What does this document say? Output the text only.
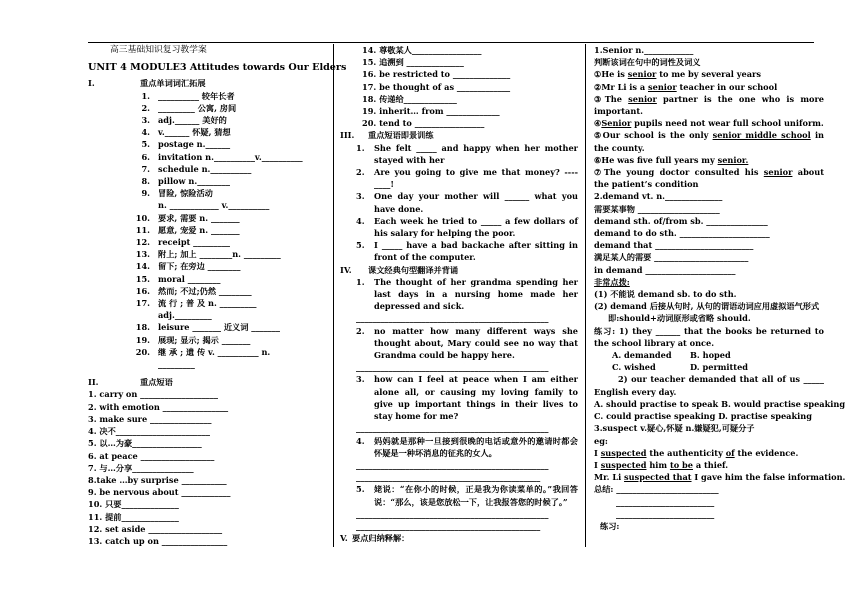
高三基础知识复习教学案
UNIT 4 MODULE3 Attitudes towards Our Elders
I.	重点单词词汇拓展
1. __________ 较年长者
2. _________ 公寓, 房间
3. adj.______ 美好的
4. v.______ 怀疑, 猜想
5. postage n.______
6. invitation n.__________v.__________
7. schedule n.__________
8. pillow n.________
9. 冒险, 惊险活动
n. ____________ v.__________
10. 要求, 需要 n. _______
11. 愿意, 宠爱 n. _______
12. receipt _________
13. 附上; 加上 ________n. _________
14. 留下; 在旁边 ________
15. moral ________
16. 然而; 不过;仍然 ________
17. 流 行 ; 普 及 n. _________
adj._________
18. leisure _______ 近义词 _______
19. 展现; 显示; 揭示 _______
20. 继 承 ; 遗 传 v. __________ n.
_________
II.	重点短语
1. carry on ___________________
2. with emotion ________________
3. make sure _______________
4. 决不_______________________
5. 以…为豪_________________
6. at peace __________________
7. 与…分享_______________
8.take …by surprise ___________
9. be nervous about ____________
10. 只要______________
11. 提前______________
12. set aside __________________
13. catch up on ________________
14. 尊敬某人_________________
15. 追溯到 ______________
16. be restricted to ______________
17. be thought of as _____________
18. 传递给_____________
19. inherit… from _____________
20. tend to _________________
III. 重点短语即景训练
1.	She felt _____ and happy when her mother stayed with her
2.	Are you going to give me that money? ---- ____!
3.	One day your mother will ______ what you have done.
4.	Each week he tried to _____ a few dollars of his salary for helping the poor.
5.	I _____ have a bad backache after sitting in front of the computer.
IV. 课文经典句型翻译并背诵
1.	The thought of her grandma spending her last days in a nursing home made her depressed and sick.
_______________________________________________
2.	no matter how many different ways she thought about, Mary could see no way that Grandma could be happy here.
_______________________________________________
3.	how can I feel at peace when I am either alone all, or causing my loving family to give up important things in their lives to stay home for me?
_______________________________________________
4.	妈妈就是那种一旦接到很晚的电话或意外的邀请时都会怀疑是一种坏消息的征兆的女人。
_______________________________________________
_____________________________________________
5.	姥说：“在你小的时候，正是我为你读菜单的。”我回答说：“那么，该是您放松一下，让我报答您的时候了。”
_______________________________________________
_____________________________________________
V. 要点归纳释解：
1.Senior n.____________
判断该词在句中的词性及词义
①He is senior to me by several years
②Mr Li is a senior teacher in our school
③The senior partner is the one who is more important.
④Senior pupils need not wear full school uniform.
⑤Our school is the only senior middle school in the county.
⑥He was five full years my senior.
⑦The young doctor consulted his senior about the patient’s condition
2.demand vt. n.______________
需要某事物 ____________________
demand sth. of/from sb. _______________
demand to do sth. ______________________
demand that ________________________
满足某人的需要 _______________________
in demand ______________________
非常点拨:
(1) 不能说 demand sb. to do sth.
(2) demand 后接从句时, 从句的谓语动词应用虚拟语气形式即:should+动词原形或省略 should.
练习: 1) they ______ that the books be returned to the school library at once.
A. demanded	B. hoped
C. wished	D. permitted
2) our teacher demanded that all of us _____ English every day.
A. should practise to speak B. would practise speaking
C. could practise speaking D. practise speaking
3.suspect v.疑心,怀疑 n.嫌疑犯,可疑分子
eg:
I suspected the authenticity of the evidence.
I suspected him to be a thief.
Mr. Li suspected that I gave him the false information.
总结: _________________________
________________________
________________________
练习:
